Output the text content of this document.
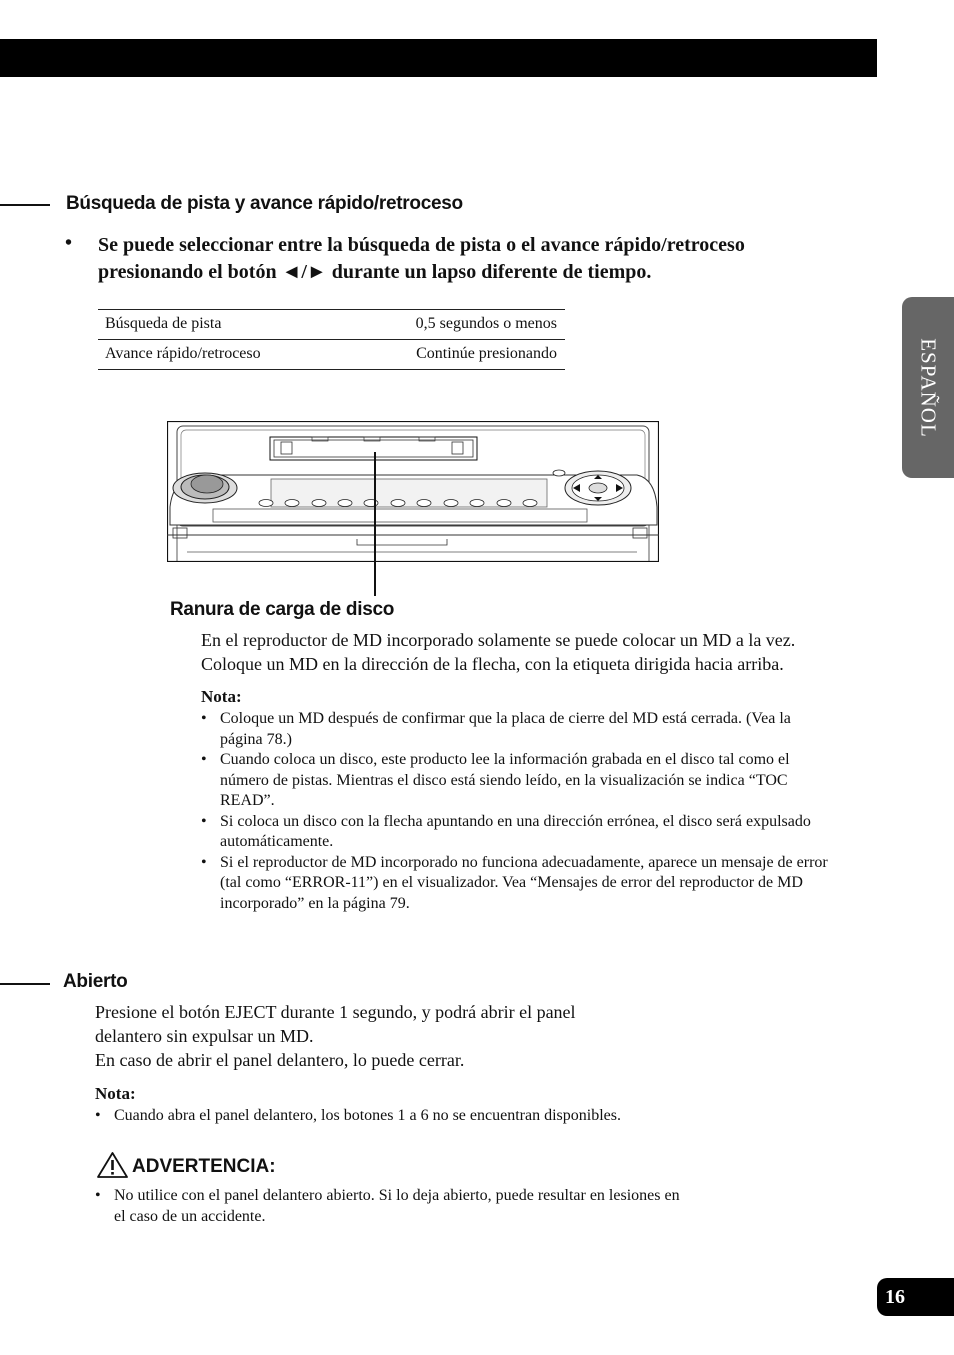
ESPAÑOL
Búsqueda de pista y avance rápido/retroceso
• Se puede seleccionar entre la búsqueda de pista o el avance rápido/retroceso
presionando el botón ◄/► durante un lapso diferente de tiempo.
Búsqueda de pista	0,5 segundos o menos
Avance rápido/retroceso	Continúe presionando
Ranura de carga de disco
En el reproductor de MD incorporado solamente se puede colocar un MD a la vez.
Coloque un MD en la dirección de la flecha, con la etiqueta dirigida hacia arriba.
Nota:
• Coloque un MD después de confirmar que la placa de cierre del MD está cerrada. (Vea la página 78.)
• Cuando coloca un disco, este producto lee la información grabada en el disco tal como el número de pistas. Mientras el disco está siendo leído, en la visualización se indica “TOC READ”.
• Si coloca un disco con la flecha apuntando en una dirección errónea, el disco será expulsado automáticamente.
• Si el reproductor de MD incorporado no funciona adecuadamente, aparece un mensaje de error (tal como “ERROR-11”) en el visualizador. Vea “Mensajes de error del reproductor de MD incorporado” en la página 79.
Abierto
Presione el botón EJECT durante 1 segundo, y podrá abrir el panel
delantero sin expulsar un MD.
En caso de abrir el panel delantero, lo puede cerrar.
Nota:
• Cuando abra el panel delantero, los botones 1 a 6 no se encuentran disponibles.
ADVERTENCIA:
• No utilice con el panel delantero abierto. Si lo deja abierto, puede resultar en lesiones en el caso de un accidente.
16
